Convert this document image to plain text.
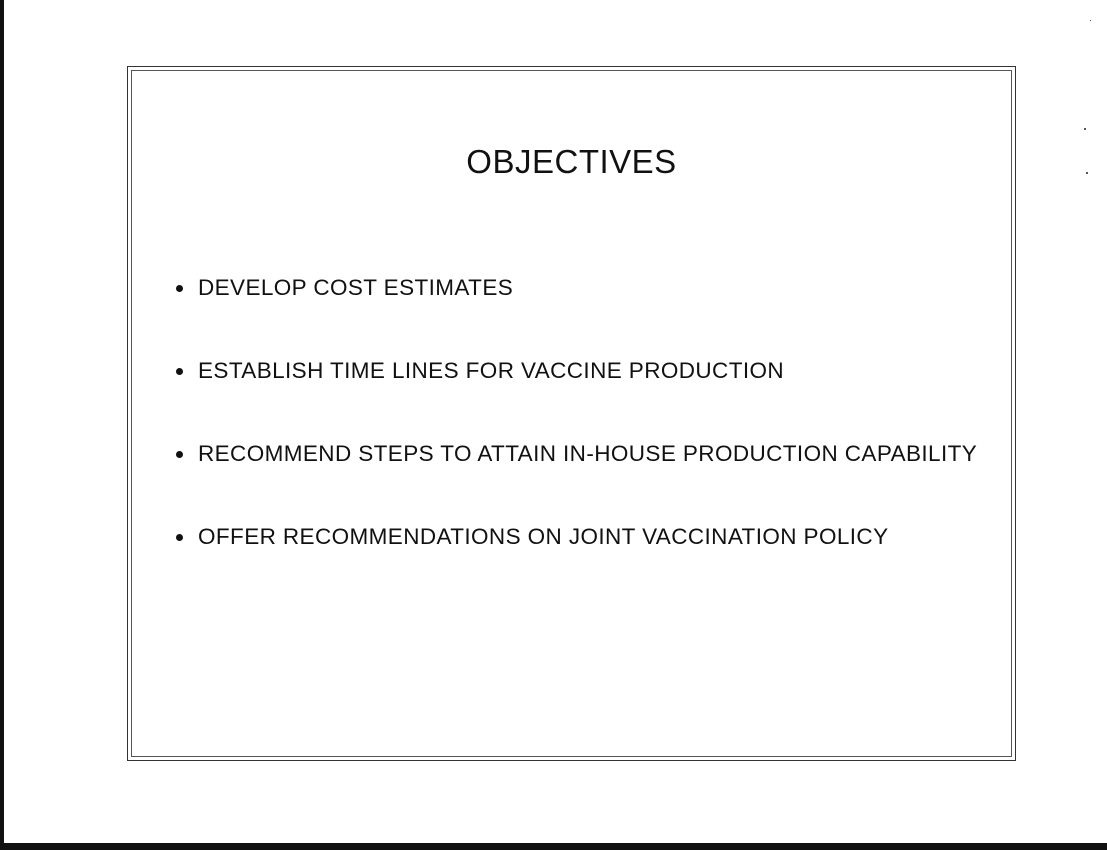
OBJECTIVES
DEVELOP COST ESTIMATES
ESTABLISH TIME LINES FOR VACCINE PRODUCTION
RECOMMEND STEPS TO ATTAIN IN-HOUSE PRODUCTION CAPABILITY
OFFER RECOMMENDATIONS ON JOINT VACCINATION POLICY
